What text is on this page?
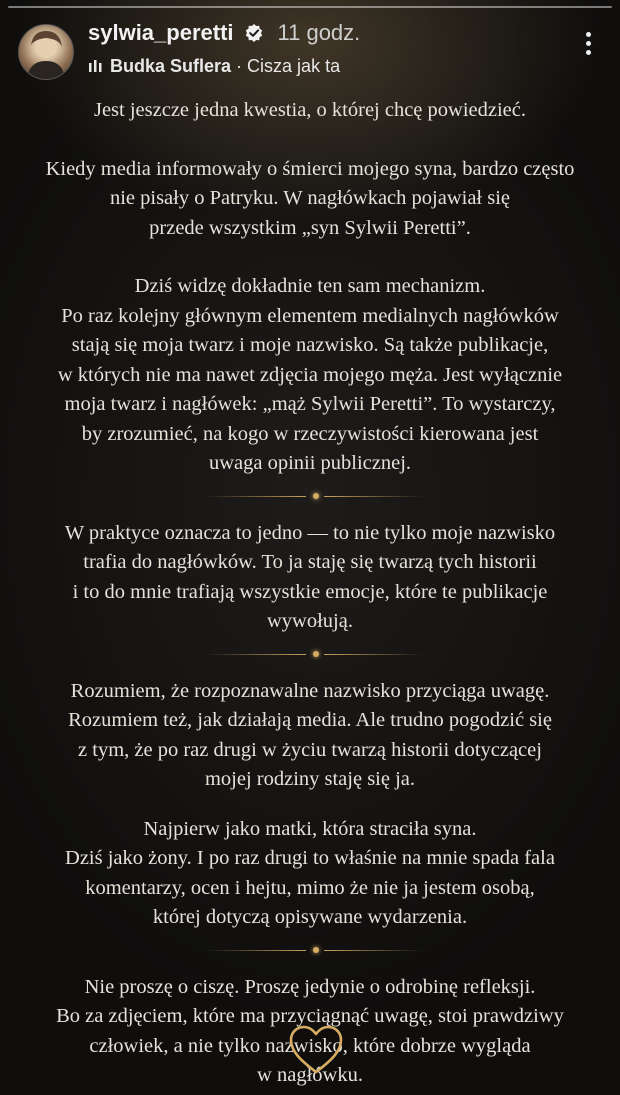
sylwia_peretti 11 godz.
Budka Suflera · Cisza jak ta

Jest jeszcze jedna kwestia, o której chcę powiedzieć.

Kiedy media informowały o śmierci mojego syna, bardzo często
nie pisały o Patryku. W nagłówkach pojawiał się
przede wszystkim „syn Sylwii Peretti”.

Dziś widzę dokładnie ten sam mechanizm.
Po raz kolejny głównym elementem medialnych nagłówków
stają się moja twarz i moje nazwisko. Są także publikacje,
w których nie ma nawet zdjęcia mojego męża. Jest wyłącznie
moja twarz i nagłówek: „mąż Sylwii Peretti”. To wystarczy,
by zrozumieć, na kogo w rzeczywistości kierowana jest
uwaga opinii publicznej.

W praktyce oznacza to jedno — to nie tylko moje nazwisko
trafia do nagłówków. To ja staję się twarzą tych historii
i to do mnie trafiają wszystkie emocje, które te publikacje
wywołują.

Rozumiem, że rozpoznawalne nazwisko przyciąga uwagę.
Rozumiem też, jak działają media. Ale trudno pogodzić się
z tym, że po raz drugi w życiu twarzą historii dotyczącej
mojej rodziny staję się ja.

Najpierw jako matki, która straciła syna.
Dziś jako żony. I po raz drugi to właśnie na mnie spada fala
komentarzy, ocen i hejtu, mimo że nie ja jestem osobą,
której dotyczą opisywane wydarzenia.

Nie proszę o ciszę. Proszę jedynie o odrobinę refleksji.
Bo za zdjęciem, które ma przyciągnąć uwagę, stoi prawdziwy
człowiek, a nie tylko nazwisko, które dobrze wygląda
w nagłówku.
